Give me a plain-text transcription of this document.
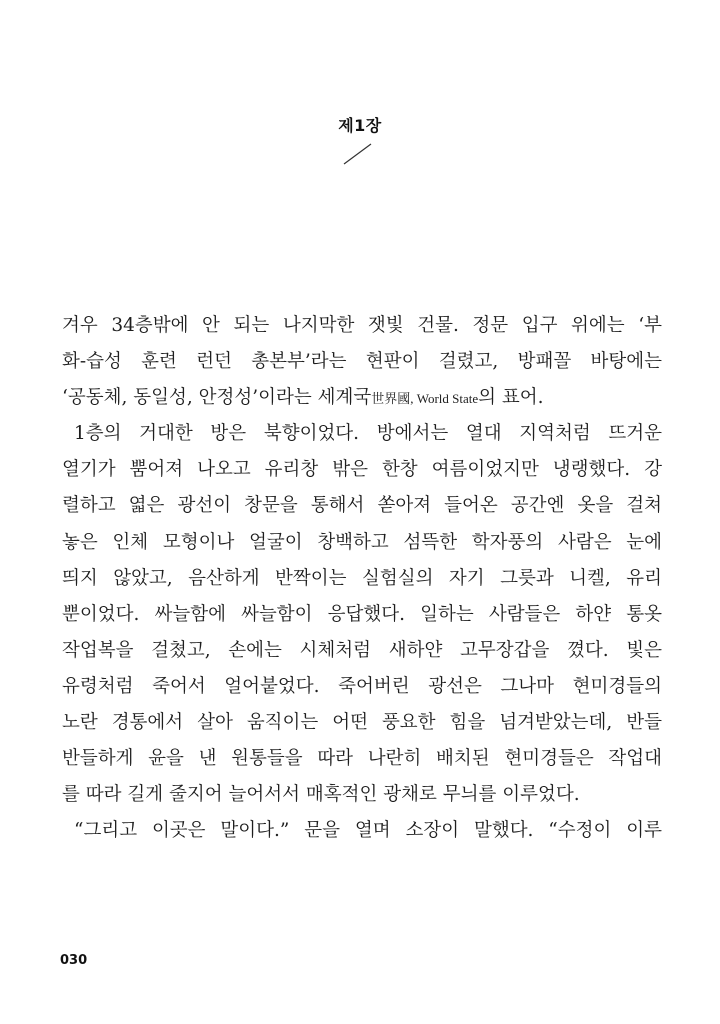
제1장
겨우 34층밖에 안 되는 나지막한 잿빛 건물. 정문 입구 위에는 ‘부
화-습성 훈련 런던 총본부’라는 현판이 걸렸고, 방패꼴 바탕에는
‘공동체, 동일성, 안정성’이라는 세계국世界國, World State의 표어.
1층의 거대한 방은 북향이었다. 방에서는 열대 지역처럼 뜨거운
열기가 뿜어져 나오고 유리창 밖은 한창 여름이었지만 냉랭했다. 강
렬하고 엷은 광선이 창문을 통해서 쏟아져 들어온 공간엔 옷을 걸쳐
놓은 인체 모형이나 얼굴이 창백하고 섬뜩한 학자풍의 사람은 눈에
띄지 않았고, 음산하게 반짝이는 실험실의 자기 그릇과 니켈, 유리
뿐이었다. 싸늘함에 싸늘함이 응답했다. 일하는 사람들은 하얀 통옷
작업복을 걸쳤고, 손에는 시체처럼 새하얀 고무장갑을 꼈다. 빛은
유령처럼 죽어서 얼어붙었다. 죽어버린 광선은 그나마 현미경들의
노란 경통에서 살아 움직이는 어떤 풍요한 힘을 넘겨받았는데, 반들
반들하게 윤을 낸 원통들을 따라 나란히 배치된 현미경들은 작업대
를 따라 길게 줄지어 늘어서서 매혹적인 광채로 무늬를 이루었다.
“그리고 이곳은 말이다.” 문을 열며 소장이 말했다. “수정이 이루
030
